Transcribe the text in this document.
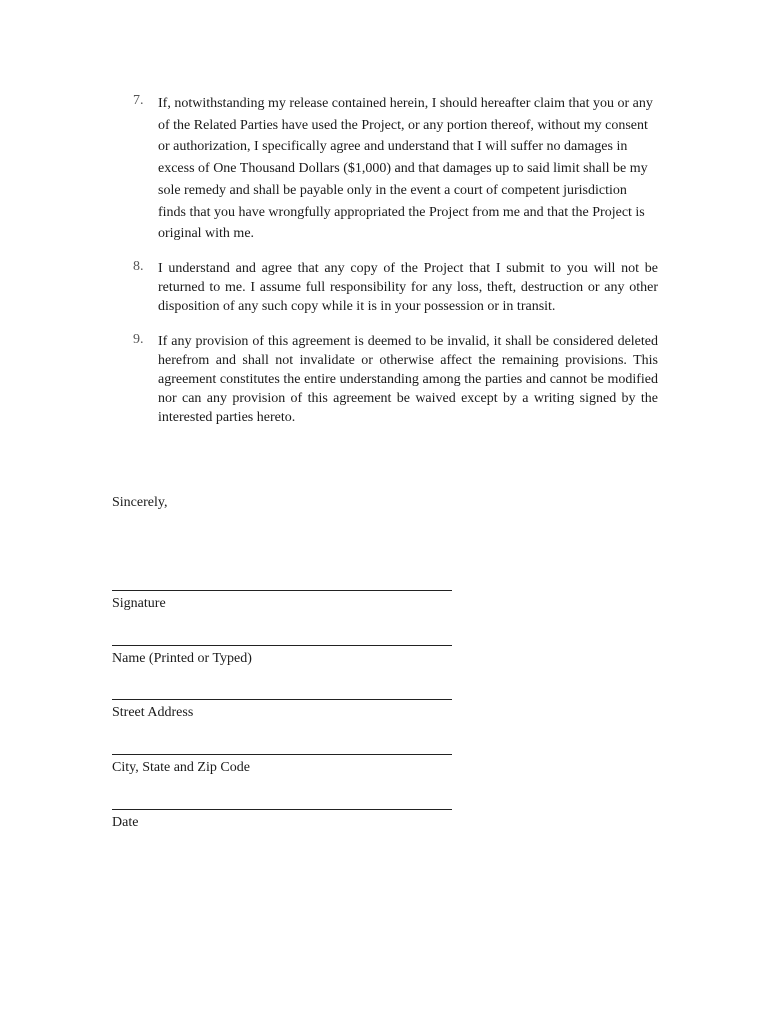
7.	If, notwithstanding my release contained herein, I should hereafter claim that you or any of the Related Parties have used the Project, or any portion thereof, without my consent or authorization, I specifically agree and understand that I will suffer no damages in excess of One Thousand Dollars ($1,000) and that damages up to said limit shall be my sole remedy and shall be payable only in the event a court of competent jurisdiction finds that you have wrongfully appropriated the Project from me and that the Project is original with me.
8.	I understand and agree that any copy of the Project that I submit to you will not be returned to me. I assume full responsibility for any loss, theft, destruction or any other disposition of any such copy while it is in your possession or in transit.
9.	If any provision of this agreement is deemed to be invalid, it shall be considered deleted herefrom and shall not invalidate or otherwise affect the remaining provisions. This agreement constitutes the entire understanding among the parties and cannot be modified nor can any provision of this agreement be waived except by a writing signed by the interested parties hereto.
Sincerely,
Signature
Name (Printed or Typed)
Street Address
City, State and Zip Code
Date
